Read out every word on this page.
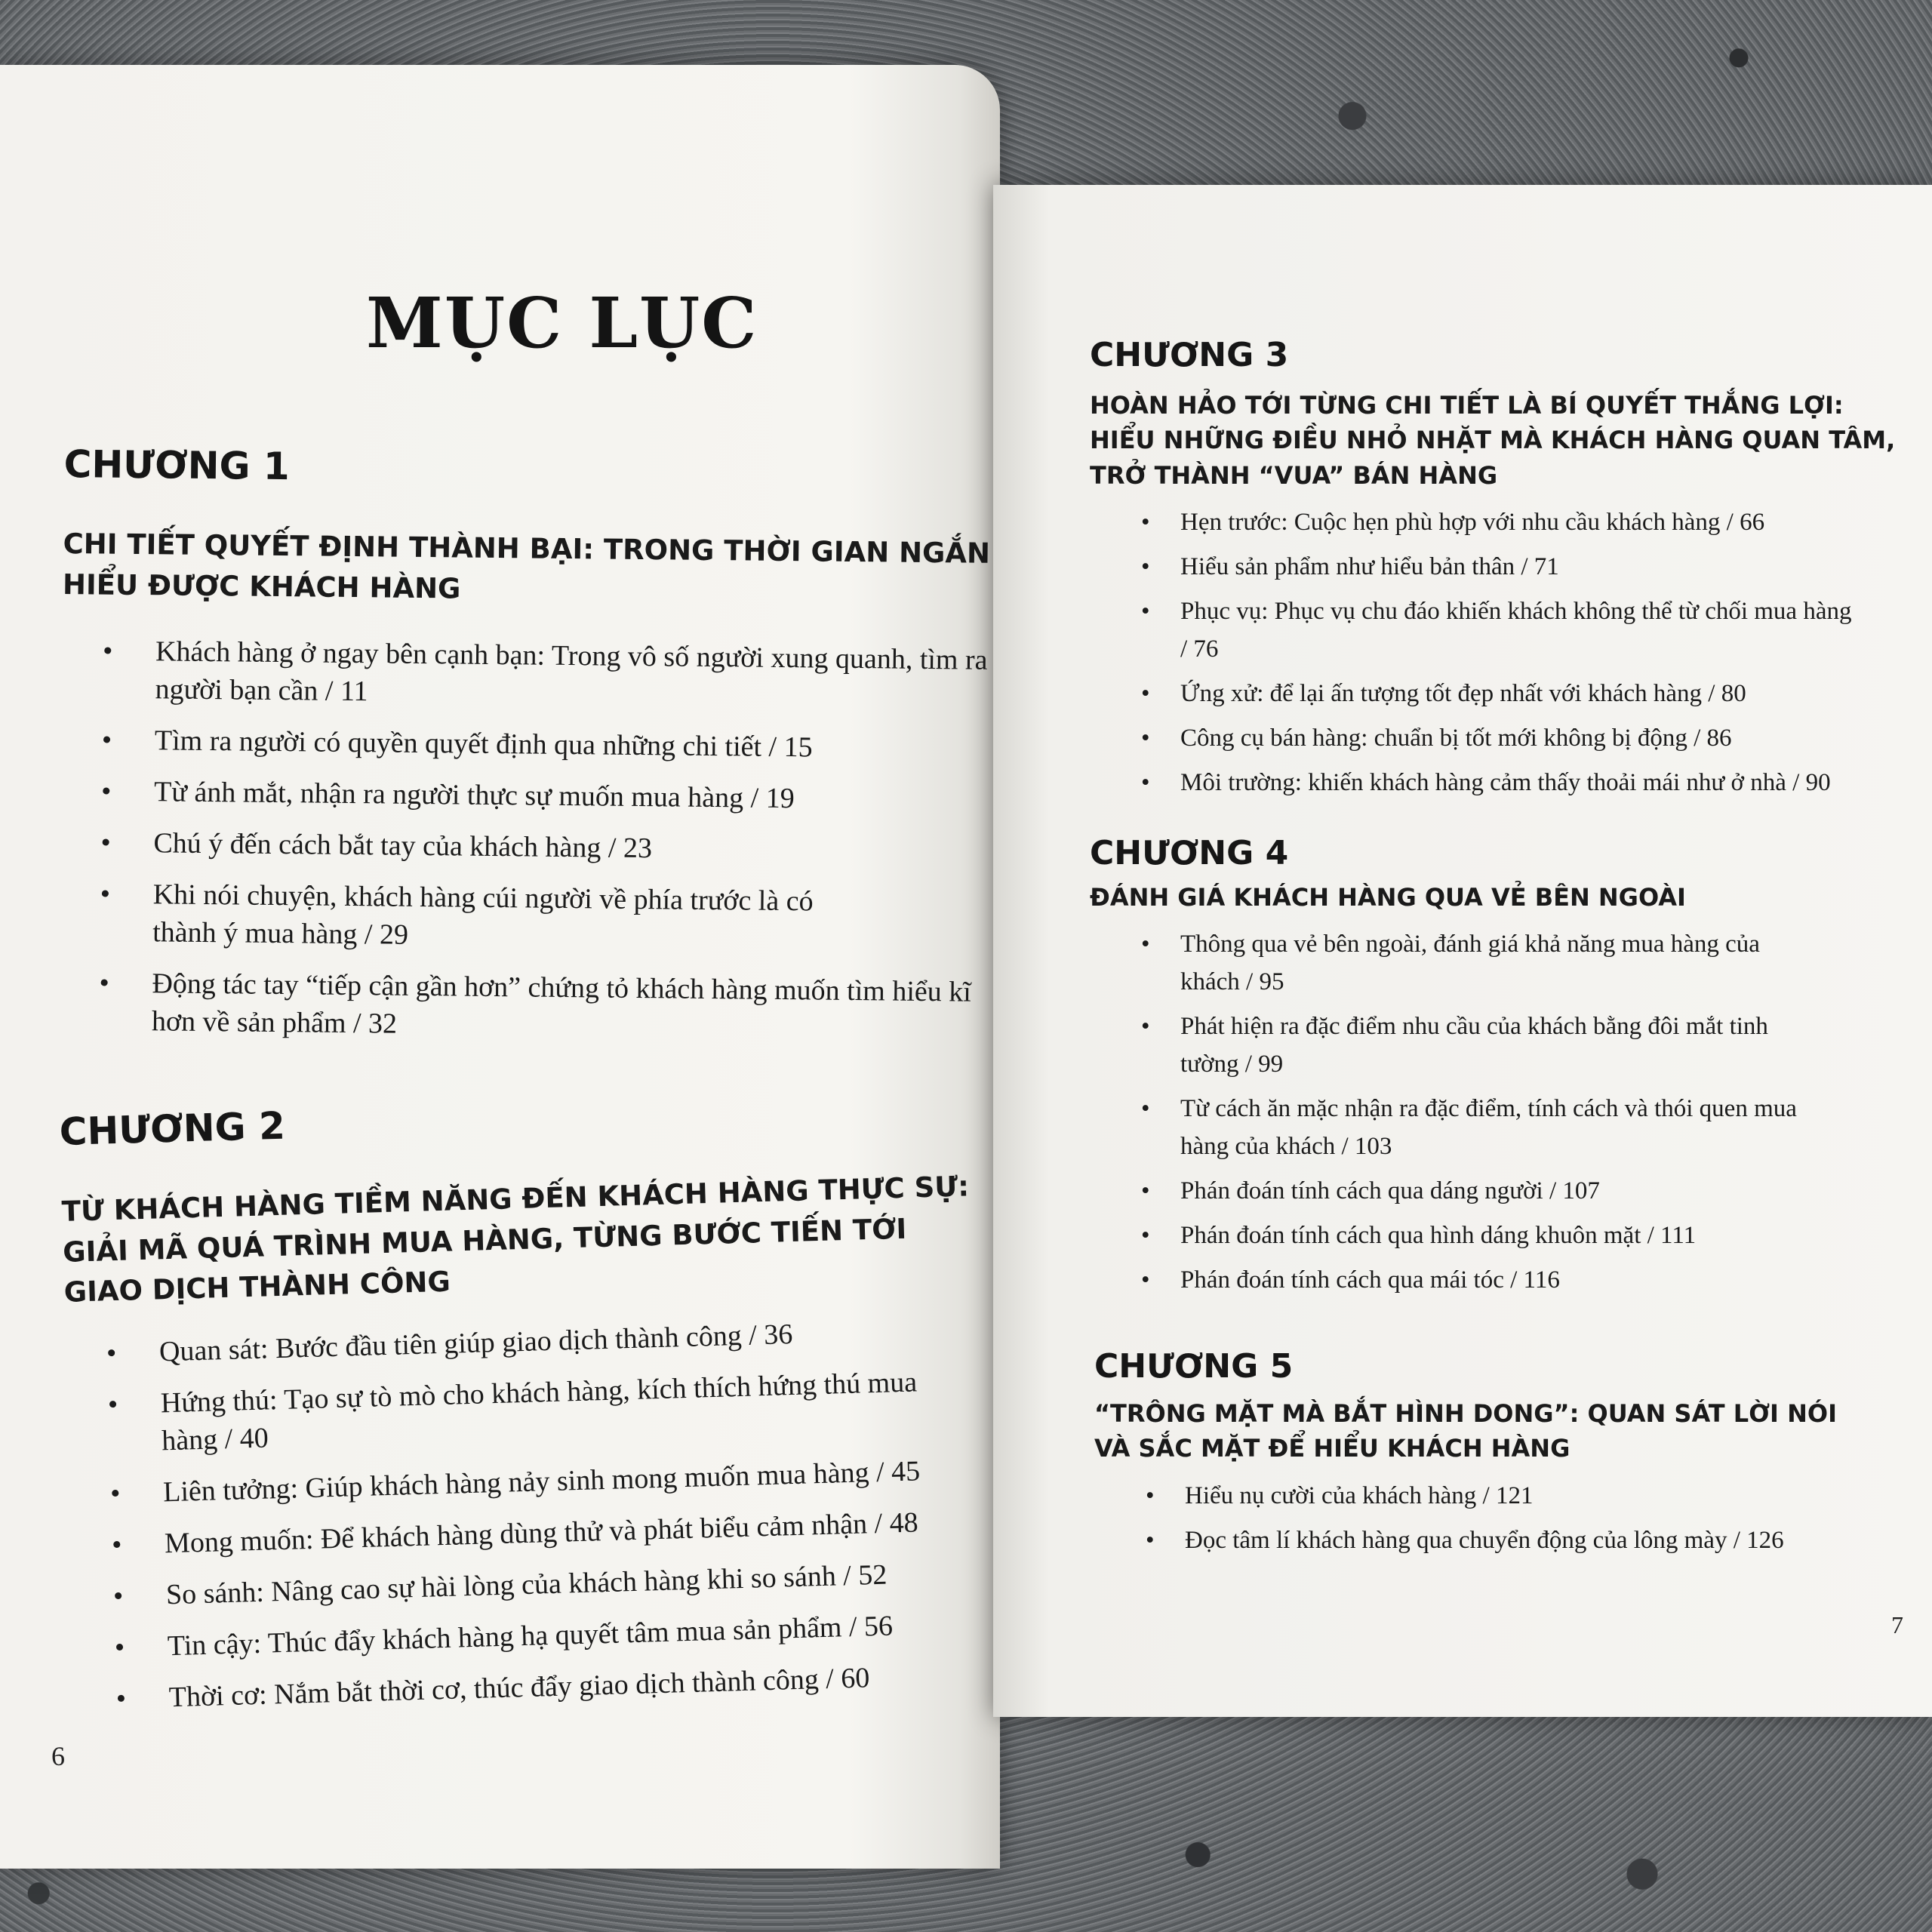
MỤC LỤC
CHƯƠNG 1
CHI TIẾT QUYẾT ĐỊNH THÀNH BẠI: TRONG THỜI GIAN NGẮN
HIỂU ĐƯỢC KHÁCH HÀNG
• Khách hàng ở ngay bên cạnh bạn: Trong vô số người xung quanh, tìm ra người bạn cần / 11
• Tìm ra người có quyền quyết định qua những chi tiết / 15
• Từ ánh mắt, nhận ra người thực sự muốn mua hàng / 19
• Chú ý đến cách bắt tay của khách hàng / 23
• Khi nói chuyện, khách hàng cúi người về phía trước là có thành ý mua hàng / 29
• Động tác tay “tiếp cận gần hơn” chứng tỏ khách hàng muốn tìm hiểu kĩ hơn về sản phẩm / 32
CHƯƠNG 2
TỪ KHÁCH HÀNG TIỀM NĂNG ĐẾN KHÁCH HÀNG THỰC SỰ:
GIẢI MÃ QUÁ TRÌNH MUA HÀNG, TỪNG BƯỚC TIẾN TỚI
GIAO DỊCH THÀNH CÔNG
• Quan sát: Bước đầu tiên giúp giao dịch thành công / 36
• Hứng thú: Tạo sự tò mò cho khách hàng, kích thích hứng thú mua hàng / 40
• Liên tưởng: Giúp khách hàng nảy sinh mong muốn mua hàng / 45
• Mong muốn: Để khách hàng dùng thử và phát biểu cảm nhận / 48
• So sánh: Nâng cao sự hài lòng của khách hàng khi so sánh / 52
• Tin cậy: Thúc đẩy khách hàng hạ quyết tâm mua sản phẩm / 56
• Thời cơ: Nắm bắt thời cơ, thúc đẩy giao dịch thành công / 60
6
CHƯƠNG 3
HOÀN HẢO TỚI TỪNG CHI TIẾT LÀ BÍ QUYẾT THẮNG LỢI:
HIỂU NHỮNG ĐIỀU NHỎ NHẶT MÀ KHÁCH HÀNG QUAN TÂM,
TRỞ THÀNH “VUA” BÁN HÀNG
• Hẹn trước: Cuộc hẹn phù hợp với nhu cầu khách hàng / 66
• Hiểu sản phẩm như hiểu bản thân / 71
• Phục vụ: Phục vụ chu đáo khiến khách không thể từ chối mua hàng / 76
• Ứng xử: để lại ấn tượng tốt đẹp nhất với khách hàng / 80
• Công cụ bán hàng: chuẩn bị tốt mới không bị động / 86
• Môi trường: khiến khách hàng cảm thấy thoải mái như ở nhà / 90
CHƯƠNG 4
ĐÁNH GIÁ KHÁCH HÀNG QUA VẺ BÊN NGOÀI
• Thông qua vẻ bên ngoài, đánh giá khả năng mua hàng của khách / 95
• Phát hiện ra đặc điểm nhu cầu của khách bằng đôi mắt tinh tường / 99
• Từ cách ăn mặc nhận ra đặc điểm, tính cách và thói quen mua hàng của khách / 103
• Phán đoán tính cách qua dáng người / 107
• Phán đoán tính cách qua hình dáng khuôn mặt / 111
• Phán đoán tính cách qua mái tóc / 116
CHƯƠNG 5
“TRÔNG MẶT MÀ BẮT HÌNH DONG”: QUAN SÁT LỜI NÓI
VÀ SẮC MẶT ĐỂ HIỂU KHÁCH HÀNG
• Hiểu nụ cười của khách hàng / 121
• Đọc tâm lí khách hàng qua chuyển động của lông mày / 126
7
